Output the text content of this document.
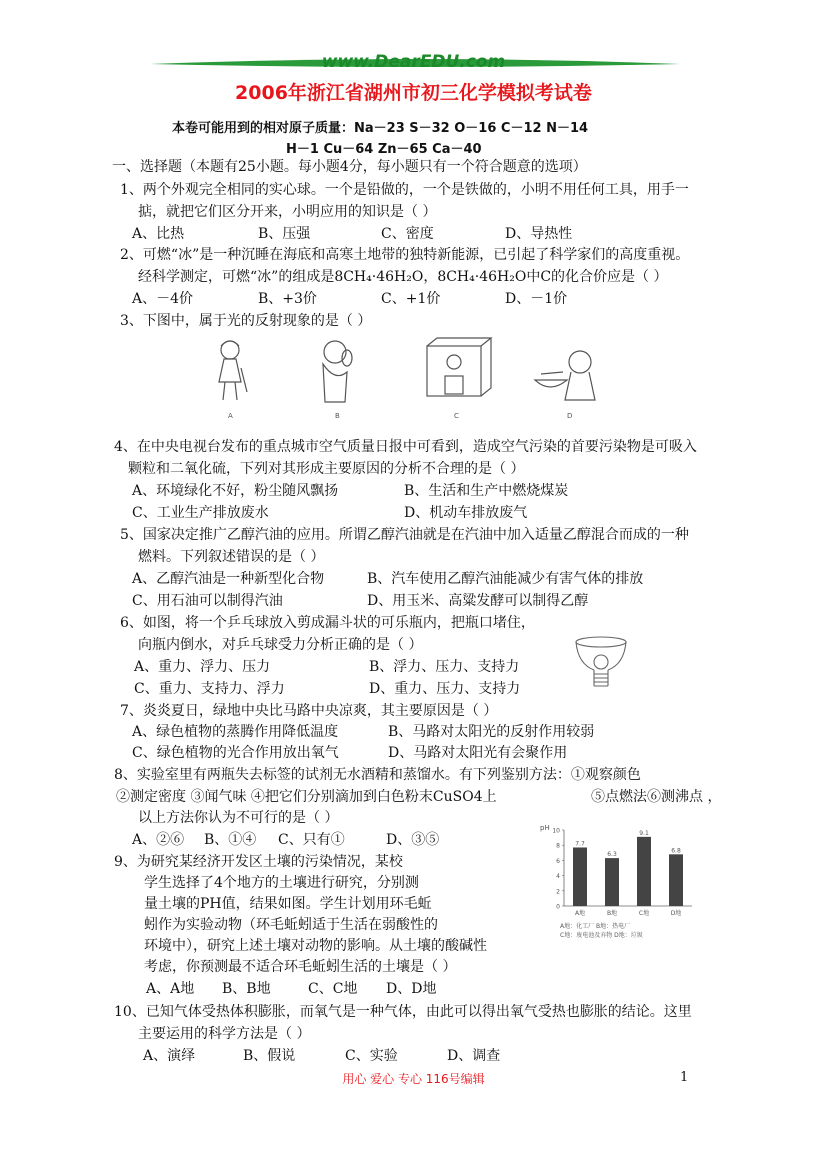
www.DearEDU.com
2006年浙江省湖州市初三化学模拟考试卷
本卷可能用到的相对原子质量：Na－23 S－32 O－16 C－12 N－14
H－1 Cu－64 Zn－65 Ca－40
一、选择题（本题有25小题。每小题4分，每小题只有一个符合题意的选项）
1、两个外观完全相同的实心球。一个是铅做的，一个是铁做的，小明不用任何工具，用手一
掂，就把它们区分开来，小明应用的知识是（ ）
A、比热	B、压强	C、密度	D、导热性
2、可燃“冰”是一种沉睡在海底和高寒土地带的独特新能源，已引起了科学家们的高度重视。
经科学测定，可燃“冰”的组成是8CH₄·46H₂O，8CH₄·46H₂O中C的化合价应是（ ）
A、－4价	B、+3价	C、+1价	D、－1价
3、下图中，属于光的反射现象的是（ ）
A	B	C	D
4、在中央电视台发布的重点城市空气质量日报中可看到，造成空气污染的首要污染物是可吸入
颗粒和二氧化硫，下列对其形成主要原因的分析不合理的是（ ）
A、环境绿化不好，粉尘随风飘扬	B、生活和生产中燃烧煤炭
C、工业生产排放废水	D、机动车排放废气
5、国家决定推广乙醇汽油的应用。所谓乙醇汽油就是在汽油中加入适量乙醇混合而成的一种
燃料。下列叙述错误的是（ ）
A、乙醇汽油是一种新型化合物	B、汽车使用乙醇汽油能减少有害气体的排放
C、用石油可以制得汽油	D、用玉米、高粱发酵可以制得乙醇
6、如图，将一个乒乓球放入剪成漏斗状的可乐瓶内，把瓶口堵住，
向瓶内倒水，对乒乓球受力分析正确的是（ ）
A、重力、浮力、压力	B、浮力、压力、支持力
C、重力、支持力、浮力	D、重力、压力、支持力
7、炎炎夏日，绿地中央比马路中央凉爽，其主要原因是（ ）
A、绿色植物的蒸腾作用降低温度	B、马路对太阳光的反射作用较弱
C、绿色植物的光合作用放出氧气	D、马路对太阳光有会聚作用
8、实验室里有两瓶失去标签的试剂无水酒精和蒸馏水。有下列鉴别方法：①观察颜色
②测定密度 ③闻气味 ④把它们分别滴加到白色粉末CuSO4上	⑤点燃法⑥测沸点 ，
以上方法你认为不可行的是（ ）
A、②⑥ B、①④ C、只有①	D、③⑤
9、为研究某经济开发区土壤的污染情况，某校
学生选择了4个地方的土壤进行研究，分别测
量土壤的PH值，结果如图。学生计划用环毛蚯
蚓作为实验动物（环毛蚯蚓适于生活在弱酸性的
环境中），研究上述土壤对动物的影响。从土壤的酸碱性
考虑，你预测最不适合环毛蚯蚓生活的土壤是（ ）
A、A地 B、B地	C、C地 D、D地
pH 10
8
6
4
2
0
7.7
A地
6.3
B地
9.1
C地
6.8
D地
A地：化工厂 B地：热电厂
C地：废电池及弃物 D地：垃圾
10、已知气体受热体积膨胀，而氧气是一种气体，由此可以得出氧气受热也膨胀的结论。这里
主要运用的科学方法是（ ）
A、演绎	B、假说	C、实验	D、调查
用心 爱心 专心 116号编辑	1
